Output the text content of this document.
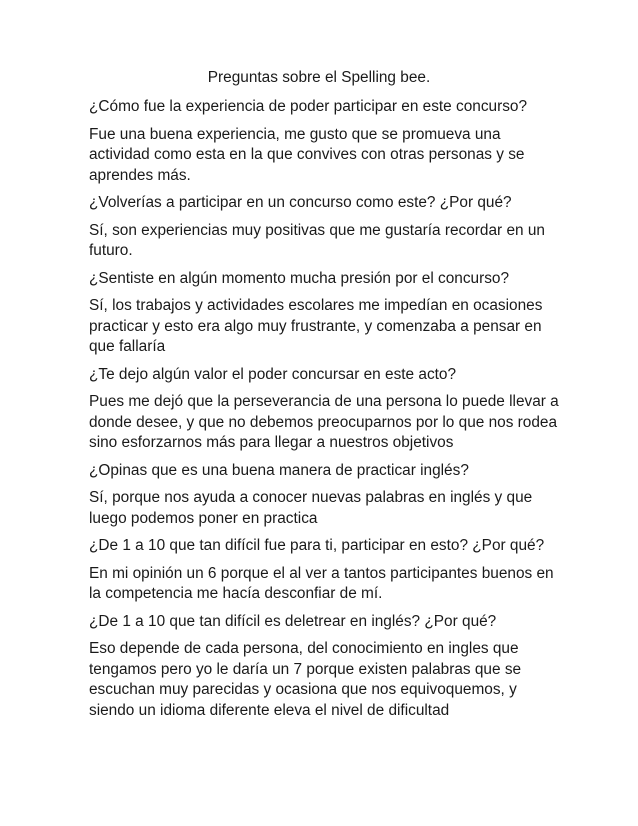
Preguntas sobre el Spelling bee.

¿Cómo fue la experiencia de poder participar en este concurso?

Fue una buena experiencia, me gusto que se promueva una actividad como esta en la que convives con otras personas y se aprendes más.

¿Volverías a participar en un concurso como este? ¿Por qué?

Sí, son experiencias muy positivas que me gustaría recordar en un futuro.

¿Sentiste en algún momento mucha presión por el concurso?

Sí, los trabajos y actividades escolares me impedían en ocasiones practicar y esto era algo muy frustrante, y comenzaba a pensar en que fallaría

¿Te dejo algún valor el poder concursar en este acto?

Pues me dejó que la perseverancia de una persona lo puede llevar a donde desee, y que no debemos preocuparnos por lo que nos rodea sino esforzarnos más para llegar a nuestros objetivos

¿Opinas que es una buena manera de practicar inglés?

Sí, porque nos ayuda a conocer nuevas palabras en inglés y que luego podemos poner en practica

¿De 1 a 10 que tan difícil fue para ti, participar en esto? ¿Por qué?

En mi opinión un 6 porque el al ver a tantos participantes buenos en la competencia me hacía desconfiar de mí.

¿De 1 a 10 que tan difícil es deletrear en inglés? ¿Por qué?

Eso depende de cada persona, del conocimiento en ingles que tengamos pero yo le daría un 7 porque existen palabras que se escuchan muy parecidas y ocasiona que nos equivoquemos, y siendo un idioma diferente eleva el nivel de dificultad
